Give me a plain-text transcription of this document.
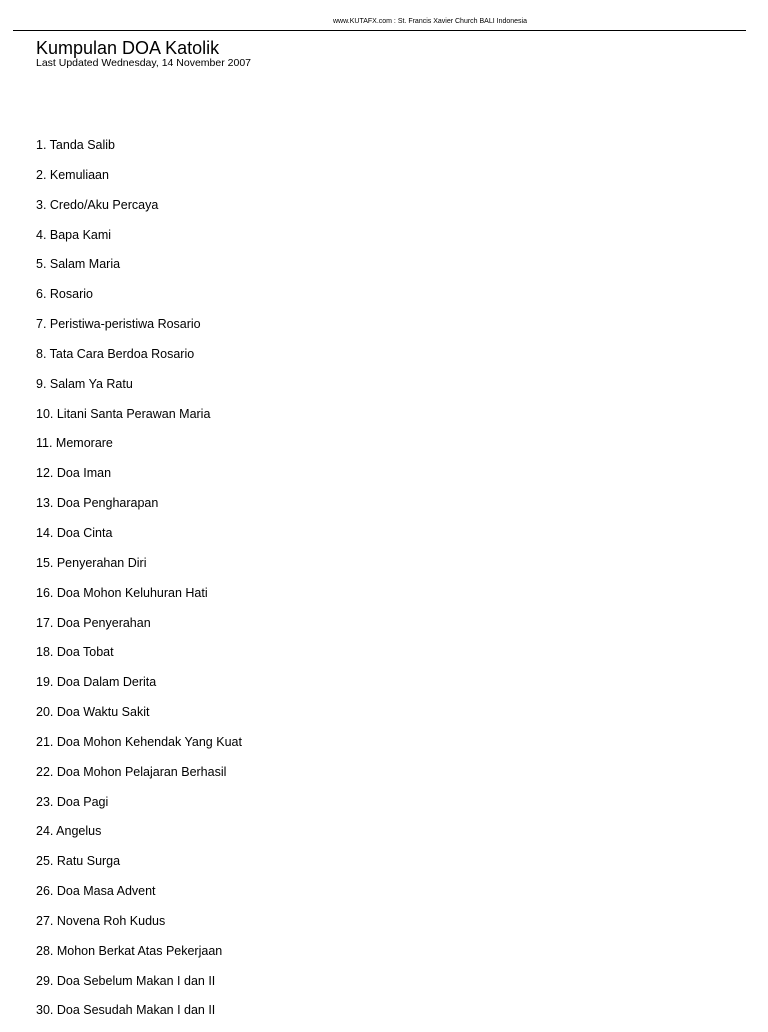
www.KUTAFX.com : St. Francis Xavier Church BALI Indonesia
Kumpulan DOA Katolik
Last Updated Wednesday, 14 November 2007
1. Tanda Salib
2. Kemuliaan
3. Credo/Aku Percaya
4. Bapa Kami
5. Salam Maria
6. Rosario
7. Peristiwa-peristiwa Rosario
8. Tata Cara Berdoa Rosario
9. Salam Ya Ratu
10. Litani Santa Perawan Maria
11. Memorare
12. Doa Iman
13. Doa Pengharapan
14. Doa Cinta
15. Penyerahan Diri
16. Doa Mohon Keluhuran Hati
17. Doa Penyerahan
18. Doa Tobat
19. Doa Dalam Derita
20. Doa Waktu Sakit
21. Doa Mohon Kehendak Yang Kuat
22. Doa Mohon Pelajaran Berhasil
23. Doa Pagi
24. Angelus
25. Ratu Surga
26. Doa Masa Advent
27. Novena Roh Kudus
28. Mohon Berkat Atas Pekerjaan
29. Doa Sebelum Makan I dan II
30. Doa Sesudah Makan I dan II
